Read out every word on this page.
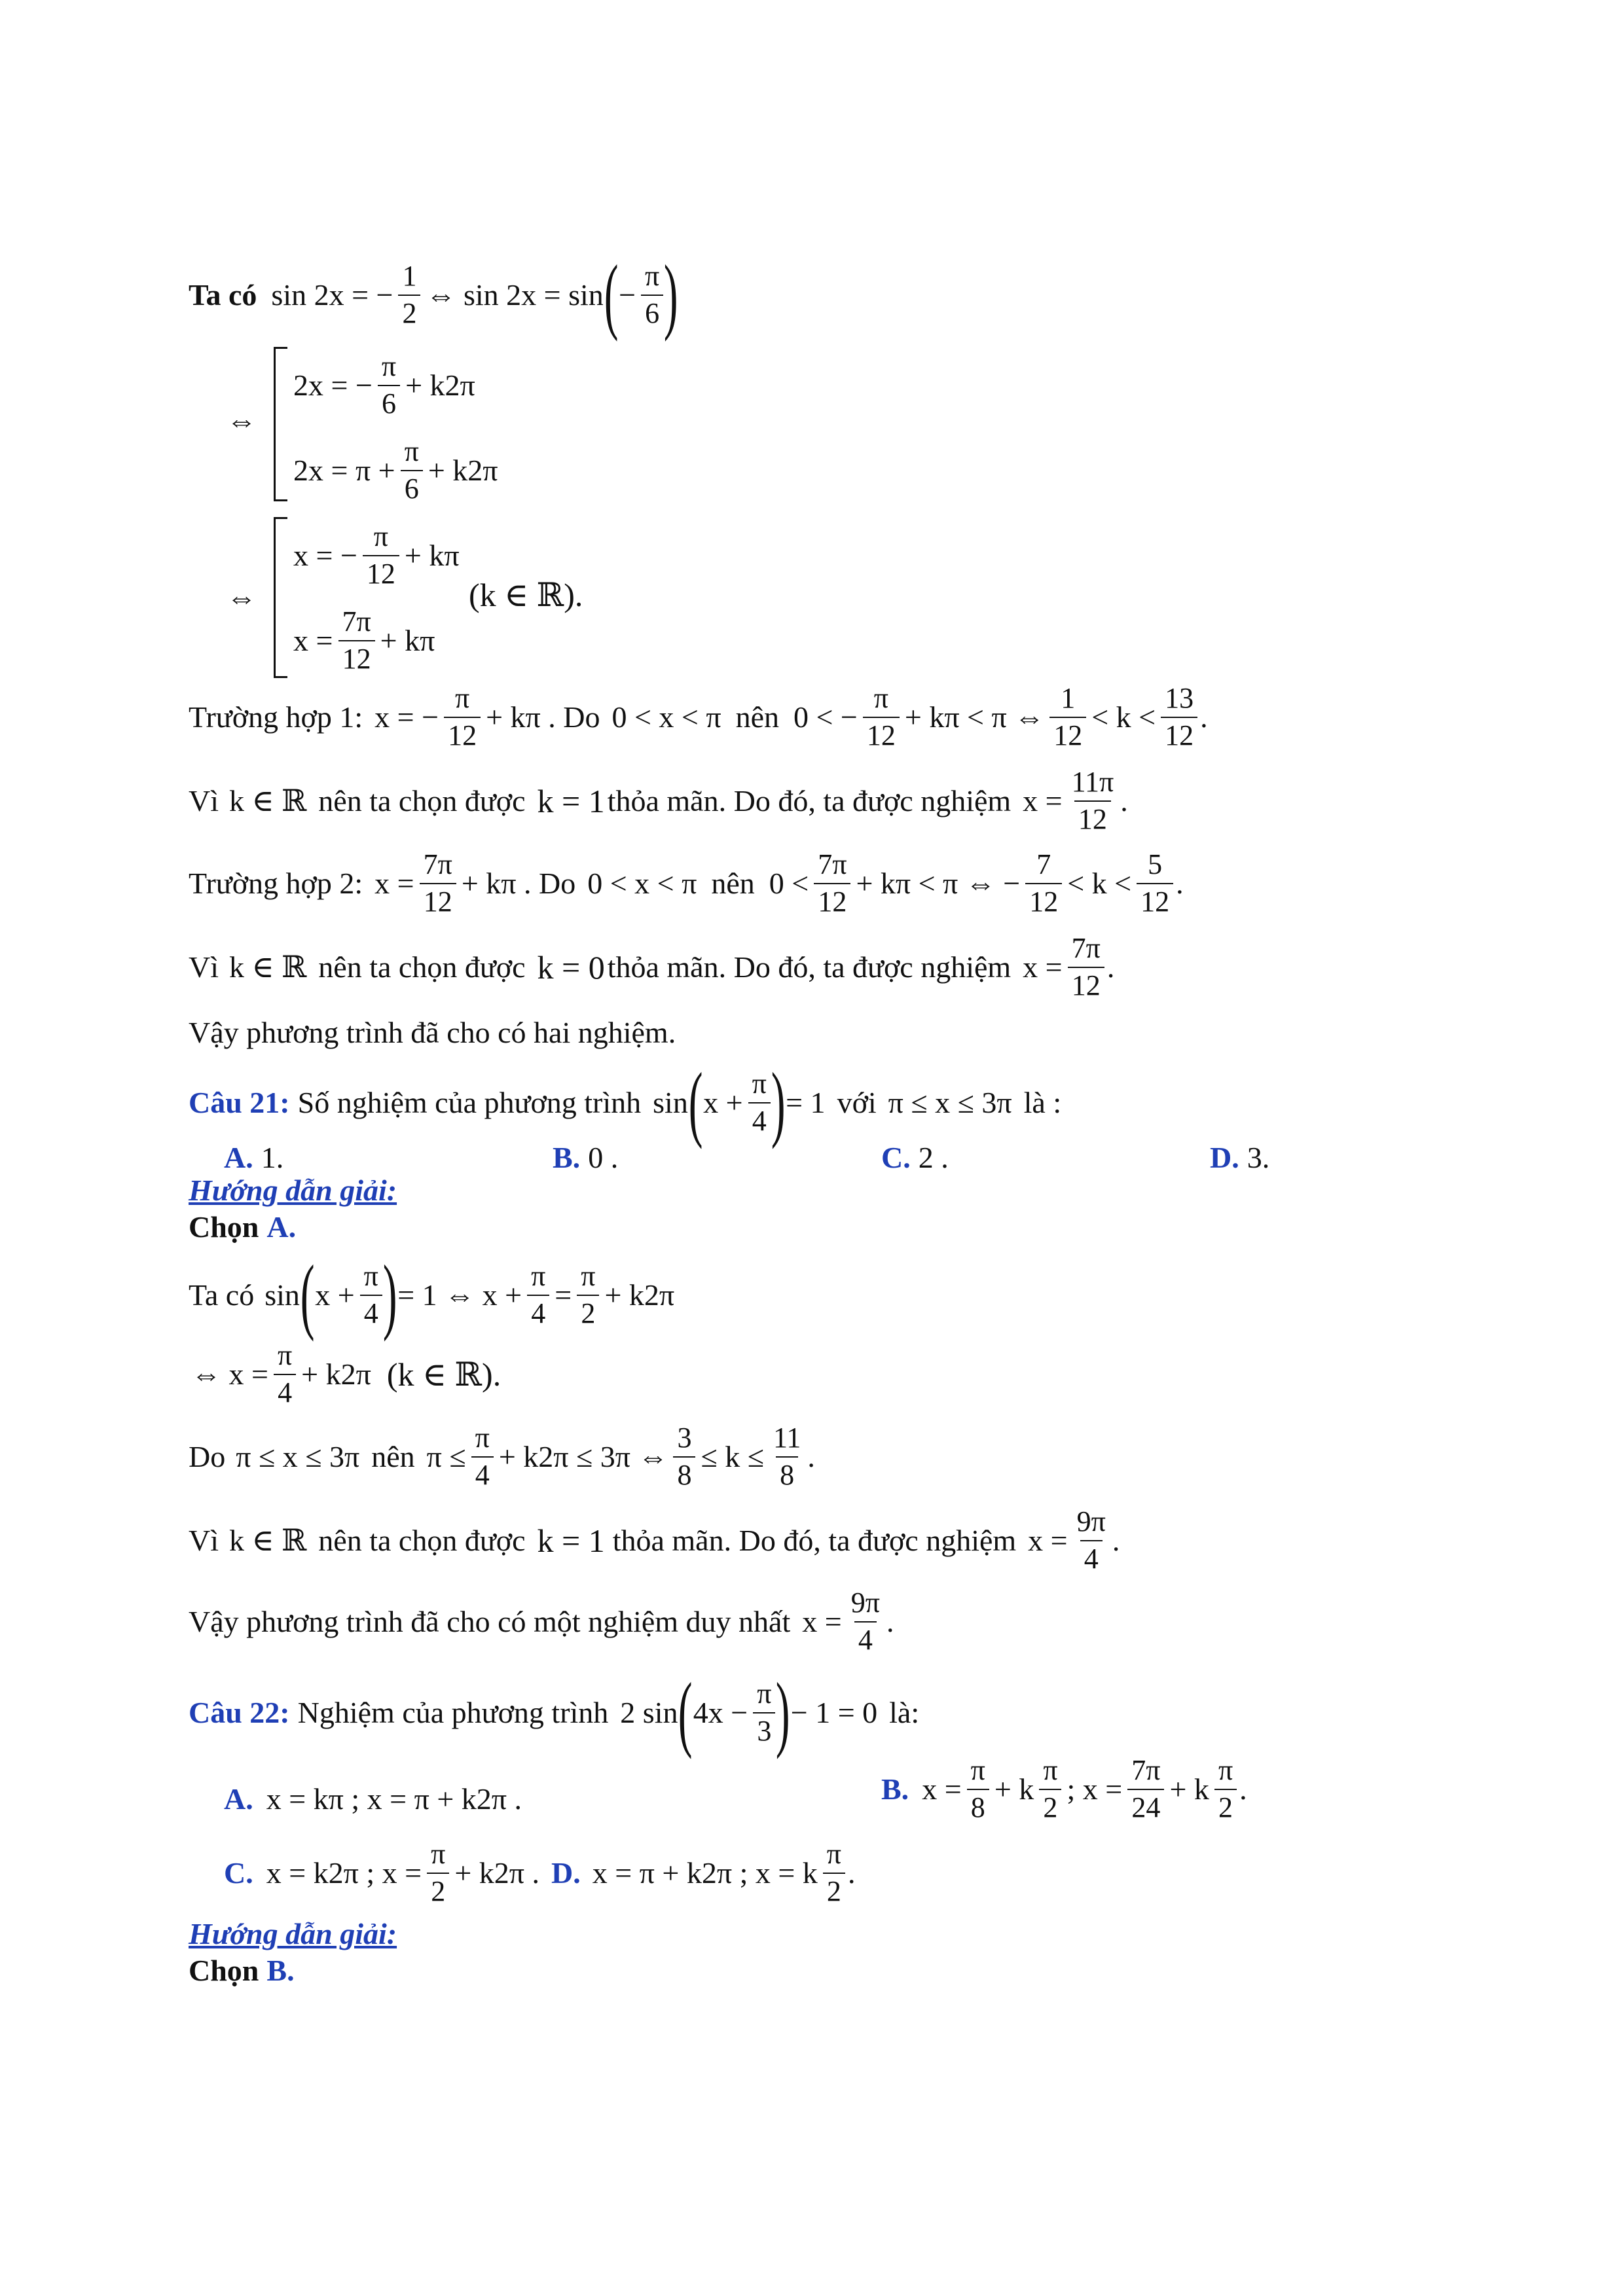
Ta có sin 2x = − $\frac{1}{2}$ ⇔ sin 2x = sin ( − $\frac{\pi}{6}$ )
⇔
2x = − $\frac{\pi}{6} + k2\pi$
$2x = \pi + \frac{\pi}{6} + k2\pi$
⇔
x = − $\frac{\pi}{12} + k\pi$
$x = \frac{7\pi}{12} + k\pi$
(k ∈ ℝ).
Trường hợp 1: x = − $\frac{\pi}{12} + k\pi$ . Do 0 < x < π nên 0 < − $\frac{\pi}{12} + k\pi < \pi$ ⇔ $\frac{1}{12} < k < \frac{13}{12}$ .
Vì k ∈ ℝ nên ta chọn được k = 1 thỏa mãn. Do đó, ta được nghiệm $x = \frac{11\pi}{12}$ .
Trường hợp 2: $x = \frac{7\pi}{12} + k\pi$ . Do 0 < x < π nên $0 < \frac{7\pi}{12} + k\pi < \pi$ ⇔ − $\frac{7}{12} < k < \frac{5}{12}$ .
Vì k ∈ ℝ nên ta chọn được k = 0 thỏa mãn. Do đó, ta được nghiệm $x = \frac{7\pi}{12}$ .
Vậy phương trình đã cho có hai nghiệm.
Câu 21: Số nghiệm của phương trình sin ( $x + \frac{\pi}{4}$ ) = 1 với π ≤ x ≤ 3π là :
A. 1.	B. 0 .	C. 2 .	D. 3.
Hướng dẫn giải:
Chọn A.
Ta có sin ( $x + \frac{\pi}{4}$ ) = 1 ⇔ $x + \frac{\pi}{4} = \frac{\pi}{2} + k2\pi$
⇔ $x = \frac{\pi}{4} + k2\pi$ (k ∈ ℝ).
Do π ≤ x ≤ 3π nên $\pi \le \frac{\pi}{4} + k2\pi \le 3\pi$ ⇔ $\frac{3}{8} \le k \le \frac{11}{8}$ .
Vì k ∈ ℝ nên ta chọn được k = 1 thỏa mãn. Do đó, ta được nghiệm $x = \frac{9\pi}{4}$ .
Vậy phương trình đã cho có một nghiệm duy nhất $x = \frac{9\pi}{4}$ .
Câu 22: Nghiệm của phương trình 2 sin ( $4x - \frac{\pi}{3}$ ) − 1 = 0 là:
A. x = kπ ; x = π + k2π .	B. $x = \frac{\pi}{8} + k \frac{\pi}{2}$ ; $x = \frac{7\pi}{24} + k \frac{\pi}{2}$ .
C. x = k2π ; $x = \frac{\pi}{2} + k2\pi$ . D. x = π + k2π ; x = k $\frac{\pi}{2}$ .
Hướng dẫn giải:
Chọn B.
